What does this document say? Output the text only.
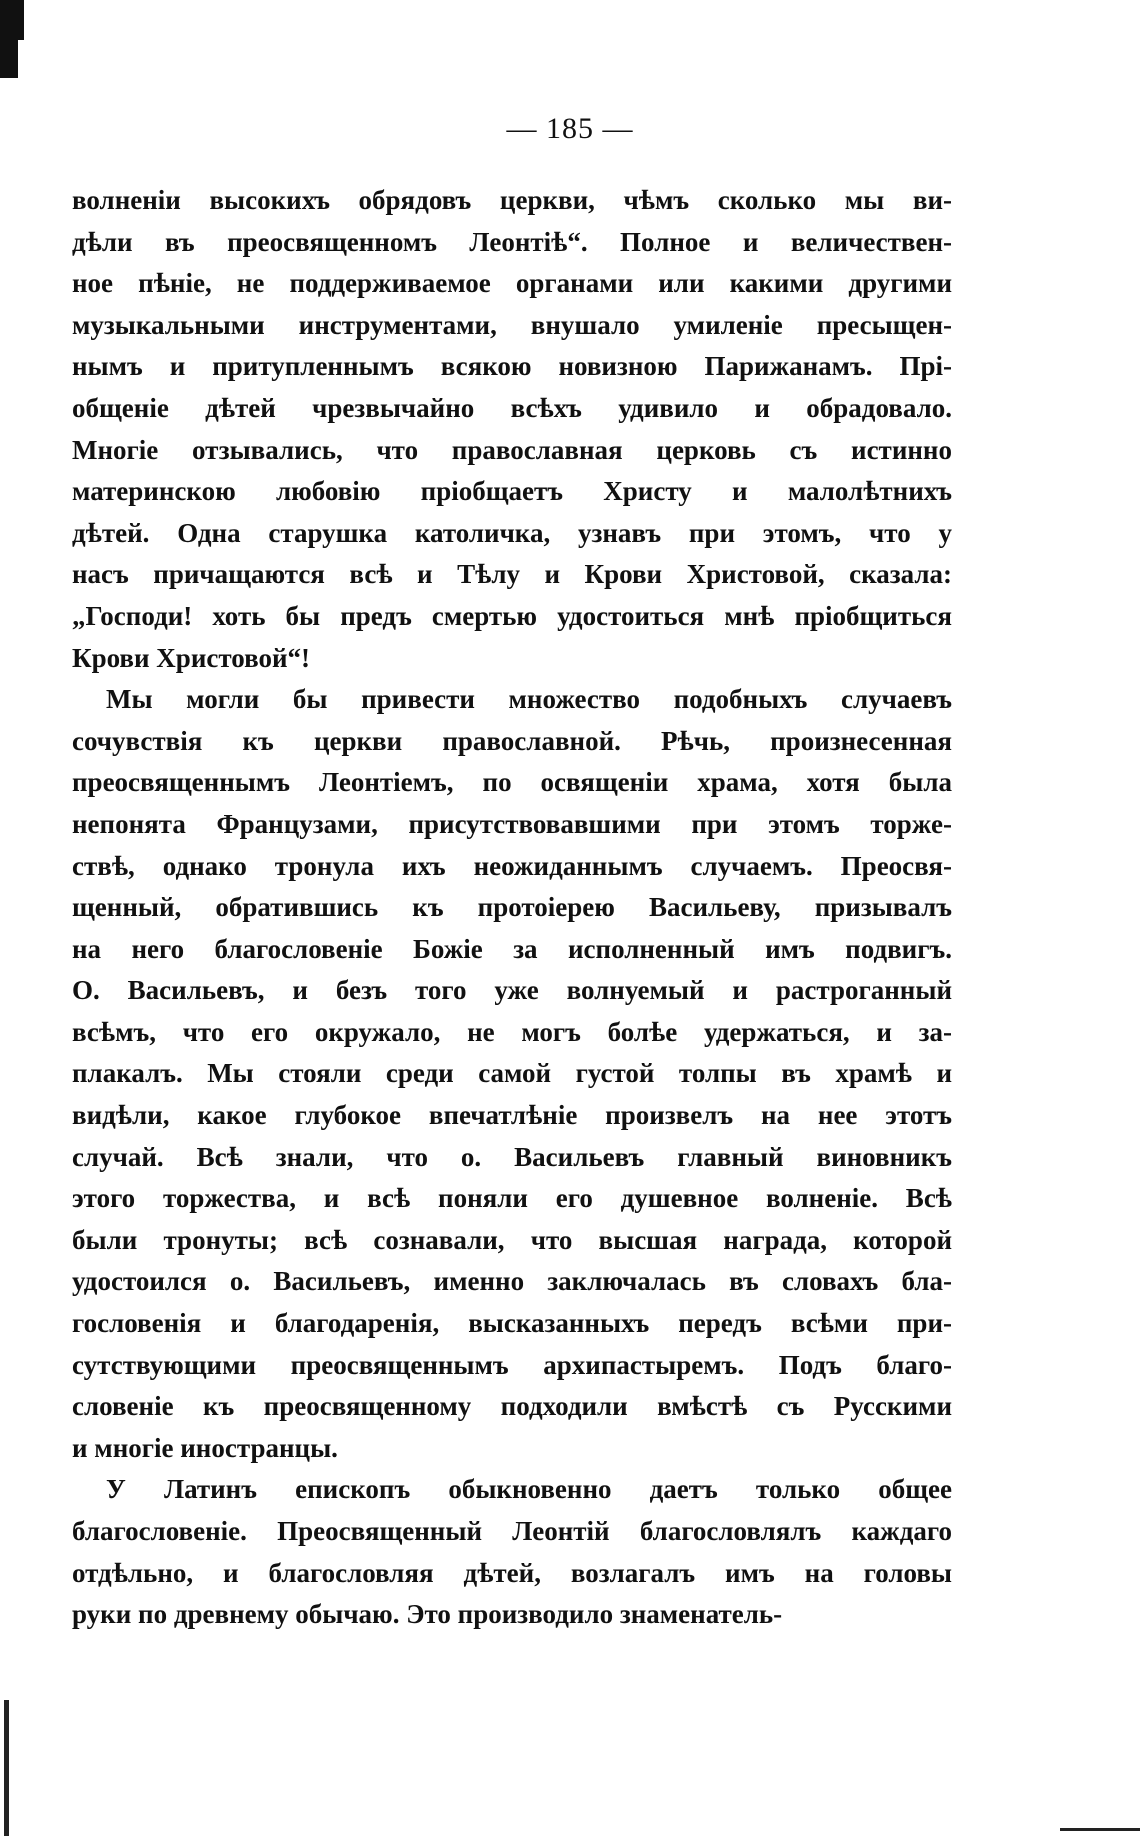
— 185 —
волненіи высокихъ обрядовъ церкви, чѣмъ сколько мы ви-
дѣли въ преосвященномъ Леонтіѣ“. Полное и величествен-
ное пѣніе, не поддерживаемое органами или какими другими
музыкальными инструментами, внушало умиленіе пресыщен-
нымъ и притупленнымъ всякою новизною Парижанамъ. Прі-
общеніе дѣтей чрезвычайно всѣхъ удивило и обрадовало.
Многіе отзывались, что православная церковь съ истинно
материнскою любовію пріобщаетъ Христу и малолѣтнихъ
дѣтей. Одна старушка католичка, узнавъ при этомъ, что у
насъ причащаются всѣ и Тѣлу и Крови Христовой, сказала:
„Господи! хоть бы предъ смертью удостоиться мнѣ пріобщиться
Крови Христовой“!
Мы могли бы привести множество подобныхъ случаевъ
сочувствія къ церкви православной. Рѣчь, произнесенная
преосвященнымъ Леонтіемъ, по освященіи храма, хотя была
непонята Французами, присутствовавшими при этомъ торже-
ствѣ, однако тронула ихъ неожиданнымъ случаемъ. Преосвя-
щенный, обратившись къ протоіерею Васильеву, призывалъ
на него благословеніе Божіе за исполненный имъ подвигъ.
О. Васильевъ, и безъ того уже волнуемый и растроганный
всѣмъ, что его окружало, не могъ болѣе удержаться, и за-
плакалъ. Мы стояли среди самой густой толпы въ храмѣ и
видѣли, какое глубокое впечатлѣніе произвелъ на нее этотъ
случай. Всѣ знали, что о. Васильевъ главный виновникъ
этого торжества, и всѣ поняли его душевное волненіе. Всѣ
были тронуты; всѣ сознавали, что высшая награда, которой
удостоился о. Васильевъ, именно заключалась въ словахъ бла-
гословенія и благодаренія, высказанныхъ передъ всѣми при-
сутствующими преосвященнымъ архипастыремъ. Подъ благо-
словеніе къ преосвященному подходили вмѣстѣ съ Русскими
и многіе иностранцы.
У Латинъ епископъ обыкновенно даетъ только общее
благословеніе. Преосвященный Леонтій благословлялъ каждаго
отдѣльно, и благословляя дѣтей, возлагалъ имъ на головы
руки по древнему обычаю. Это производило знаменатель-
